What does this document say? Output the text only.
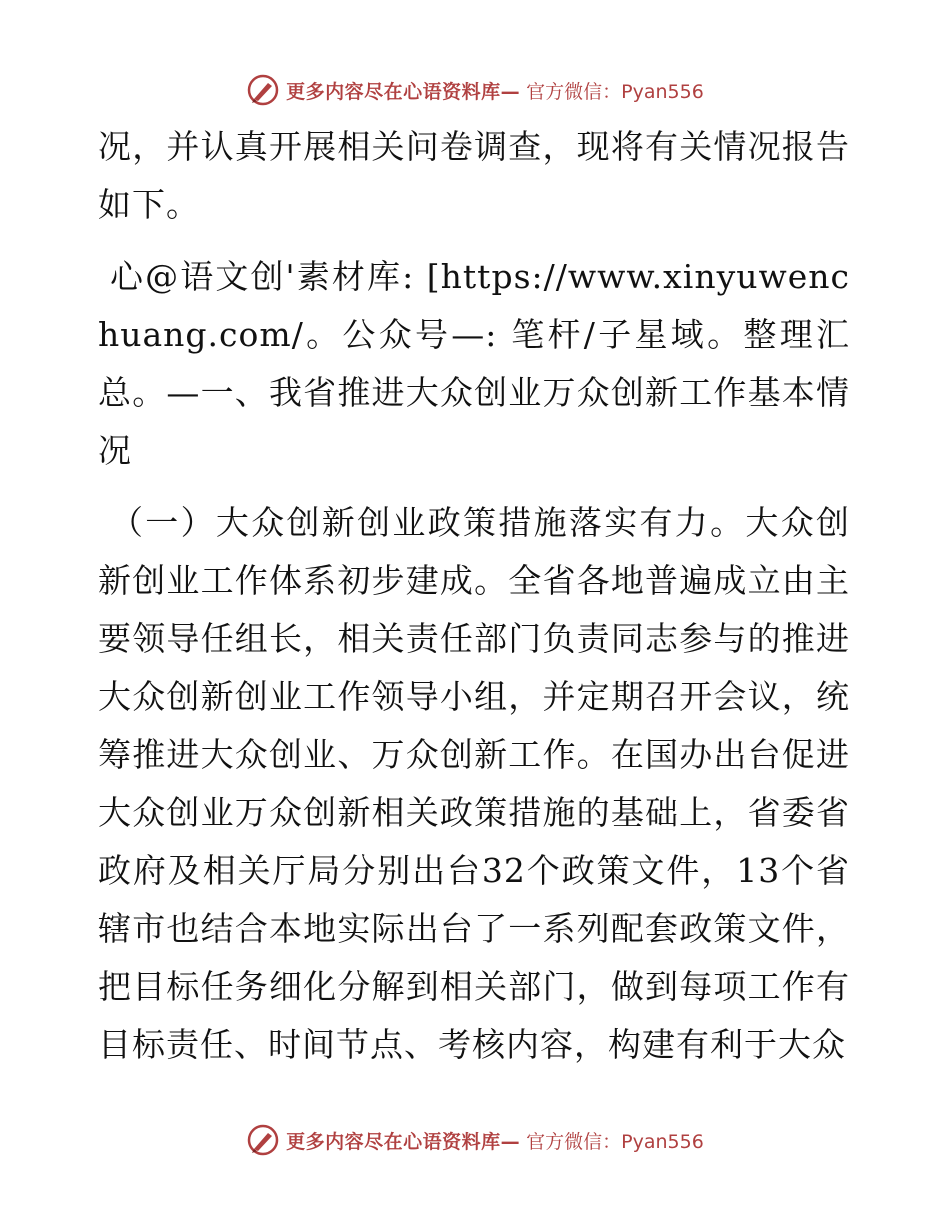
更多内容尽在心语资料库— 官方微信：Pyan556

况，并认真开展相关问卷调查，现将有关情况报告如下。

心@语文创'素材库: [https://www.xinyuwenchuang.com/。公众号—: 笔杆/子星域。整理汇总。—一、我省推进大众创业万众创新工作基本情况

（一）大众创新创业政策措施落实有力。大众创新创业工作体系初步建成。全省各地普遍成立由主要领导任组长，相关责任部门负责同志参与的推进大众创新创业工作领导小组，并定期召开会议，统筹推进大众创业、万众创新工作。在国办出台促进大众创业万众创新相关政策措施的基础上，省委省政府及相关厅局分别出台32个政策文件，13个省辖市也结合本地实际出台了一系列配套政策文件，把目标任务细化分解到相关部门，做到每项工作有目标责任、时间节点、考核内容，构建有利于大众

更多内容尽在心语资料库— 官方微信：Pyan556
